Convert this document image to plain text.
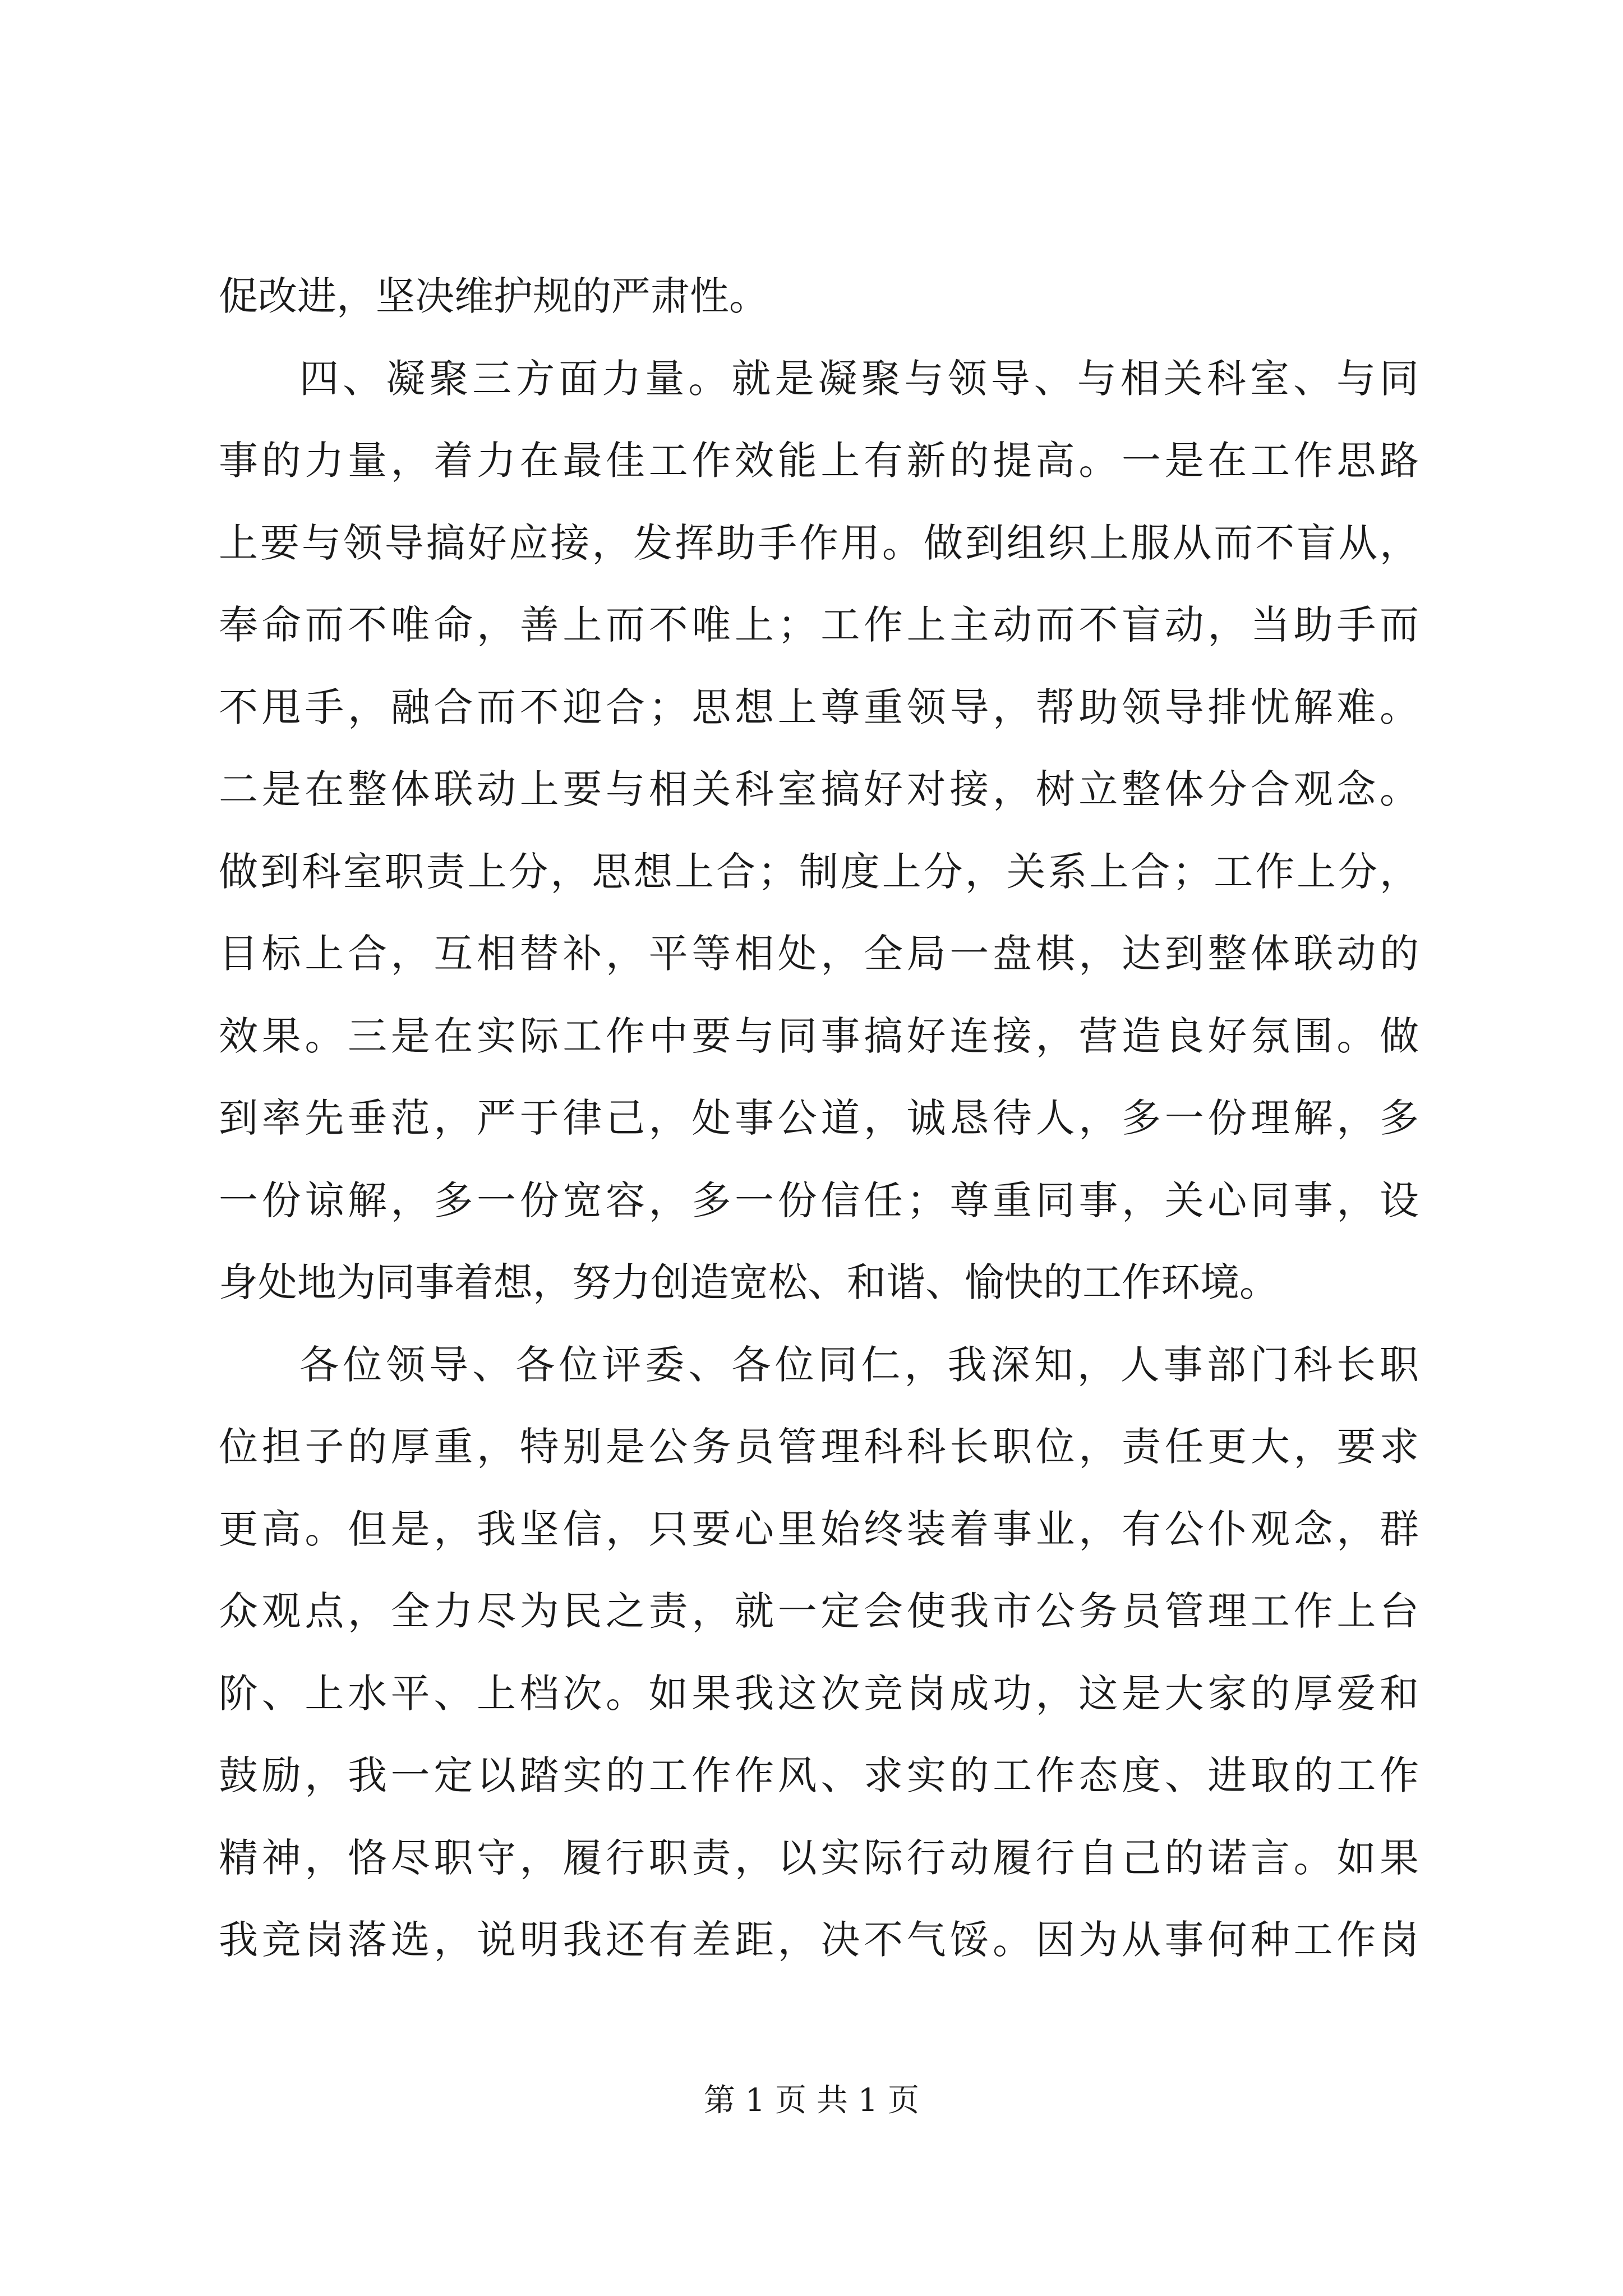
促改进，坚决维护规的严肃性。
四、凝聚三方面力量。就是凝聚与领导、与相关科室、与同
事的力量，着力在最佳工作效能上有新的提高。一是在工作思路
上要与领导搞好应接，发挥助手作用。做到组织上服从而不盲从，
奉命而不唯命，善上而不唯上；工作上主动而不盲动，当助手而
不甩手，融合而不迎合；思想上尊重领导，帮助领导排忧解难。
二是在整体联动上要与相关科室搞好对接，树立整体分合观念。
做到科室职责上分，思想上合；制度上分，关系上合；工作上分，
目标上合，互相替补，平等相处，全局一盘棋，达到整体联动的
效果。三是在实际工作中要与同事搞好连接，营造良好氛围。做
到率先垂范，严于律己，处事公道，诚恳待人，多一份理解，多
一份谅解，多一份宽容，多一份信任；尊重同事，关心同事，设
身处地为同事着想，努力创造宽松、和谐、愉快的工作环境。
各位领导、各位评委、各位同仁，我深知，人事部门科长职
位担子的厚重，特别是公务员管理科科长职位，责任更大，要求
更高。但是，我坚信，只要心里始终装着事业，有公仆观念，群
众观点，全力尽为民之责，就一定会使我市公务员管理工作上台
阶、上水平、上档次。如果我这次竞岗成功，这是大家的厚爱和
鼓励，我一定以踏实的工作作风、求实的工作态度、进取的工作
精神，恪尽职守，履行职责，以实际行动履行自己的诺言。如果
我竞岗落选，说明我还有差距，决不气馁。因为从事何种工作岗
第 1 页 共 1 页
